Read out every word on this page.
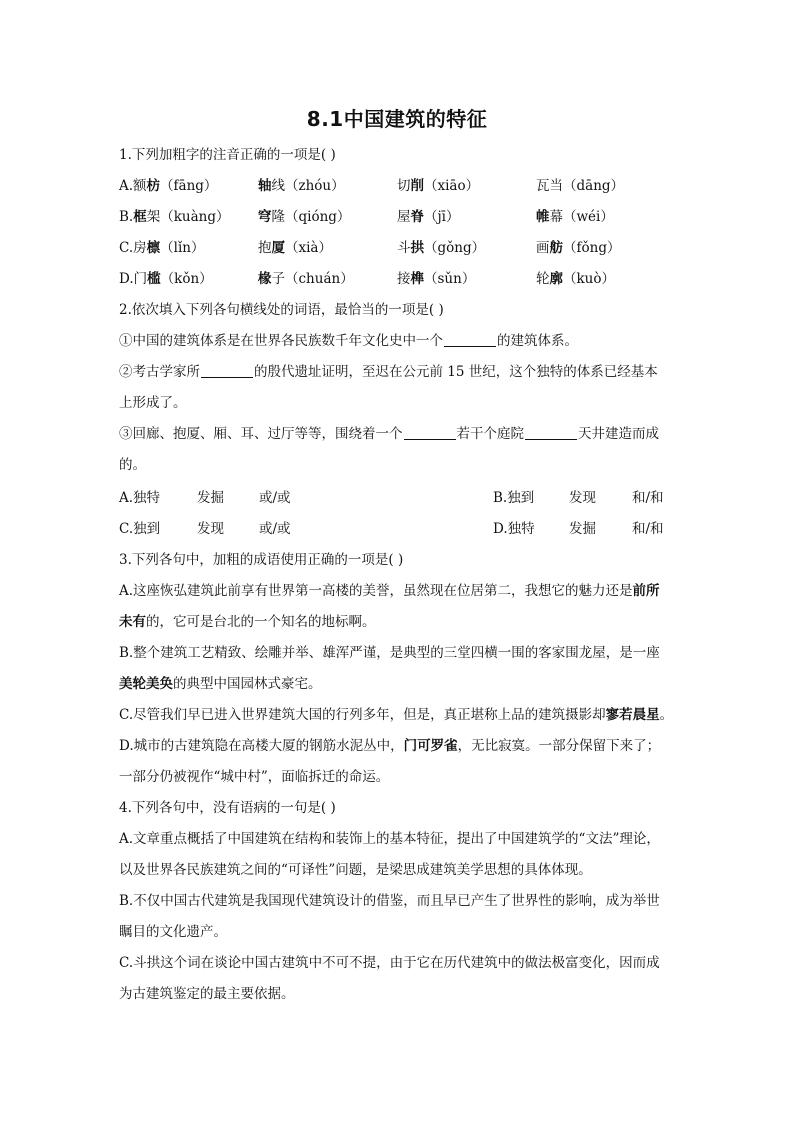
8.1中国建筑的特征
1.下列加粗字的注音正确的一项是( )
A.额枋（fāng）	轴线（zhóu）	切削（xiāo）	瓦当（dāng）
B.框架（kuàng） 穹隆（qióng）	屋脊（jī）	帷幕（wéi）
C.房檩（lǐn）	抱厦（xià）	斗拱（gǒng）	画舫（fǒng）
D.门槛（kǒn）	椽子（chuán）	接榫（sǔn）	轮廓（kuò）
2.依次填入下列各句横线处的词语，最恰当的一项是( )
①中国的建筑体系是在世界各民族数千年文化史中一个	的建筑体系。
②考古学家所	的殷代遗址证明，至迟在公元前 15 世纪，这个独特的体系已经基本
上形成了。
③回廊、抱厦、厢、耳、过厅等等，围绕着一个	若干个庭院	天井建造而成
的。
A.独特	发掘	或/或	B.独到	发现	和/和
C.独到	发现	或/或	D.独特	发掘	和/和
3.下列各句中，加粗的成语使用正确的一项是( )
A.这座恢弘建筑此前享有世界第一高楼的美誉，虽然现在位居第二，我想它的魅力还是前所
未有的，它可是台北的一个知名的地标啊。
B.整个建筑工艺精致、绘雕并举、雄浑严谨，是典型的三堂四横一围的客家围龙屋，是一座
美轮美奂的典型中国园林式豪宅。
C.尽管我们早已进入世界建筑大国的行列多年，但是，真正堪称上品的建筑摄影却寥若晨星。
D.城市的古建筑隐在高楼大厦的钢筋水泥丛中，门可罗雀，无比寂寞。一部分保留下来了；
一部分仍被视作“城中村”，面临拆迁的命运。
4.下列各句中，没有语病的一句是( )
A.文章重点概括了中国建筑在结构和装饰上的基本特征，提出了中国建筑学的“文法”理论，
以及世界各民族建筑之间的“可译性”问题，是梁思成建筑美学思想的具体体现。
B.不仅中国古代建筑是我国现代建筑设计的借鉴，而且早已产生了世界性的影响，成为举世
瞩目的文化遗产。
C.斗拱这个词在谈论中国古建筑中不可不提，由于它在历代建筑中的做法极富变化，因而成
为古建筑鉴定的最主要依据。
